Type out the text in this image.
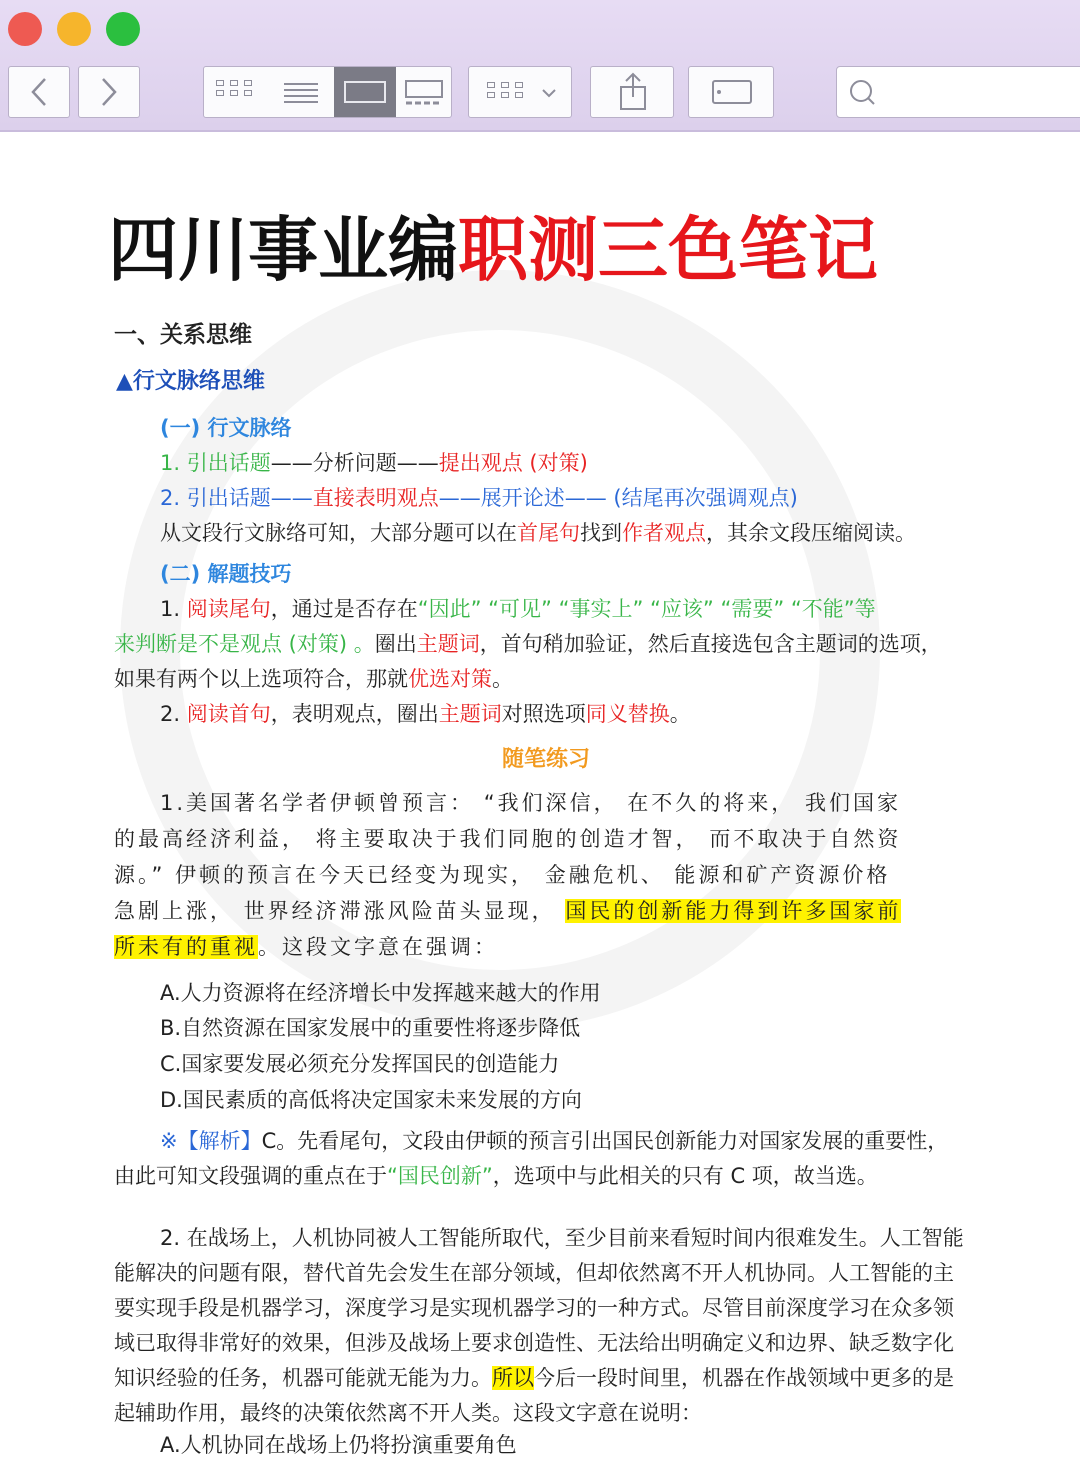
四川事业编职测三色笔记
一、关系思维
▲行文脉络思维
(一) 行文脉络
1. 引出话题——分析问题——提出观点 (对策)
2. 引出话题——直接表明观点——展开论述—— (结尾再次强调观点)
从文段行文脉络可知，大部分题可以在首尾句找到作者观点，其余文段压缩阅读。
(二) 解题技巧
1. 阅读尾句，通过是否存在“因此” “可见” “事实上” “应该” “需要” “不能”等
来判断是不是观点 (对策) 。圈出主题词，首句稍加验证，然后直接选包含主题词的选项，
如果有两个以上选项符合，那就优选对策。
2. 阅读首句，表明观点，圈出主题词对照选项同义替换。
随笔练习
1.美国著名学者伊顿曾预言： “我们深信， 在不久的将来， 我们国家
的最高经济利益， 将主要取决于我们同胞的创造才智， 而不取决于自然资
源。” 伊顿的预言在今天已经变为现实， 金融危机、 能源和矿产资源价格
急剧上涨， 世界经济滞涨风险苗头显现， 国民的创新能力得到许多国家前
所未有的重视。这段文字意在强调：
A.人力资源将在经济增长中发挥越来越大的作用
B.自然资源在国家发展中的重要性将逐步降低
C.国家要发展必须充分发挥国民的创造能力
D.国民素质的高低将决定国家未来发展的方向
※【解析】C。先看尾句，文段由伊顿的预言引出国民创新能力对国家发展的重要性，
由此可知文段强调的重点在于“国民创新”，选项中与此相关的只有 C 项，故当选。
2. 在战场上，人机协同被人工智能所取代，至少目前来看短时间内很难发生。人工智能
能解决的问题有限，替代首先会发生在部分领域，但却依然离不开人机协同。人工智能的主
要实现手段是机器学习，深度学习是实现机器学习的一种方式。尽管目前深度学习在众多领
域已取得非常好的效果，但涉及战场上要求创造性、无法给出明确定义和边界、缺乏数字化
知识经验的任务，机器可能就无能为力。所以今后一段时间里，机器在作战领域中更多的是
起辅助作用，最终的决策依然离不开人类。这段文字意在说明：
A.人机协同在战场上仍将扮演重要角色
